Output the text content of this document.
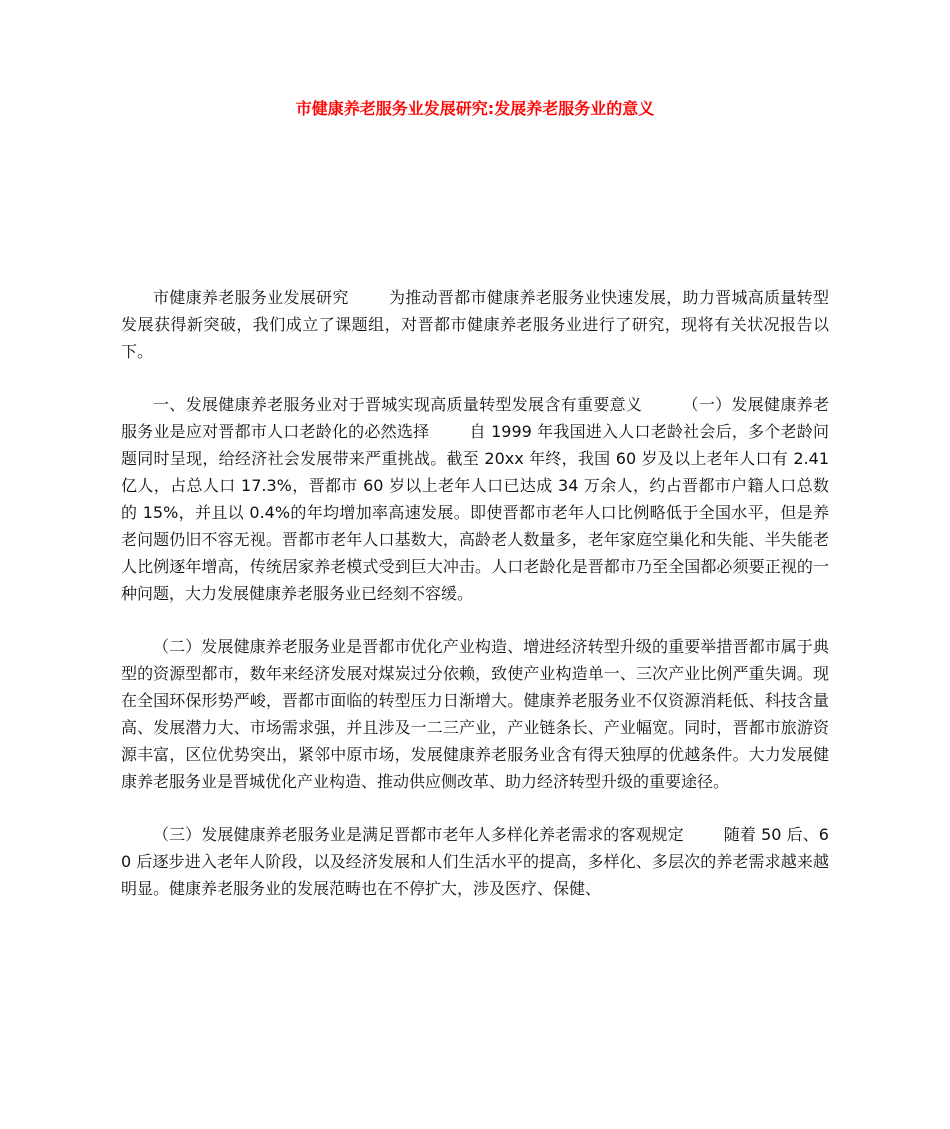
市健康养老服务业发展研究:发展养老服务业的意义

市健康养老服务业发展研究	为推动晋都市健康养老服务业快速发展，助力晋城高质量转型发展获得新突破，我们成立了课题组，对晋都市健康养老服务业进行了研究，现将有关状况报告以下。

一、发展健康养老服务业对于晋城实现高质量转型发展含有重要意义	（一）发展健康养老服务业是应对晋都市人口老龄化的必然选择	自 1999 年我国进入人口老龄社会后，多个老龄问题同时呈现，给经济社会发展带来严重挑战。截至 20xx 年终，我国 60 岁及以上老年人口有 2.41 亿人，占总人口 17.3%，晋都市 60 岁以上老年人口已达成 34 万余人，约占晋都市户籍人口总数的 15%，并且以 0.4%的年均增加率高速发展。即使晋都市老年人口比例略低于全国水平，但是养老问题仍旧不容无视。晋都市老年人口基数大，高龄老人数量多，老年家庭空巢化和失能、半失能老人比例逐年增高，传统居家养老模式受到巨大冲击。人口老龄化是晋都市乃至全国都必须要正视的一种问题，大力发展健康养老服务业已经刻不容缓。

（二）发展健康养老服务业是晋都市优化产业构造、增进经济转型升级的重要举措晋都市属于典型的资源型都市，数年来经济发展对煤炭过分依赖，致使产业构造单一、三次产业比例严重失调。现在全国环保形势严峻，晋都市面临的转型压力日渐增大。健康养老服务业不仅资源消耗低、科技含量高、发展潜力大、市场需求强，并且涉及一二三产业，产业链条长、产业幅宽。同时，晋都市旅游资源丰富，区位优势突出，紧邻中原市场，发展健康养老服务业含有得天独厚的优越条件。大力发展健康养老服务业是晋城优化产业构造、推动供应侧改革、助力经济转型升级的重要途径。

（三）发展健康养老服务业是满足晋都市老年人多样化养老需求的客观规定	随着 50 后、60 后逐步进入老年人阶段，以及经济发展和人们生活水平的提高，多样化、多层次的养老需求越来越明显。健康养老服务业的发展范畴也在不停扩大，涉及医疗、保健、
